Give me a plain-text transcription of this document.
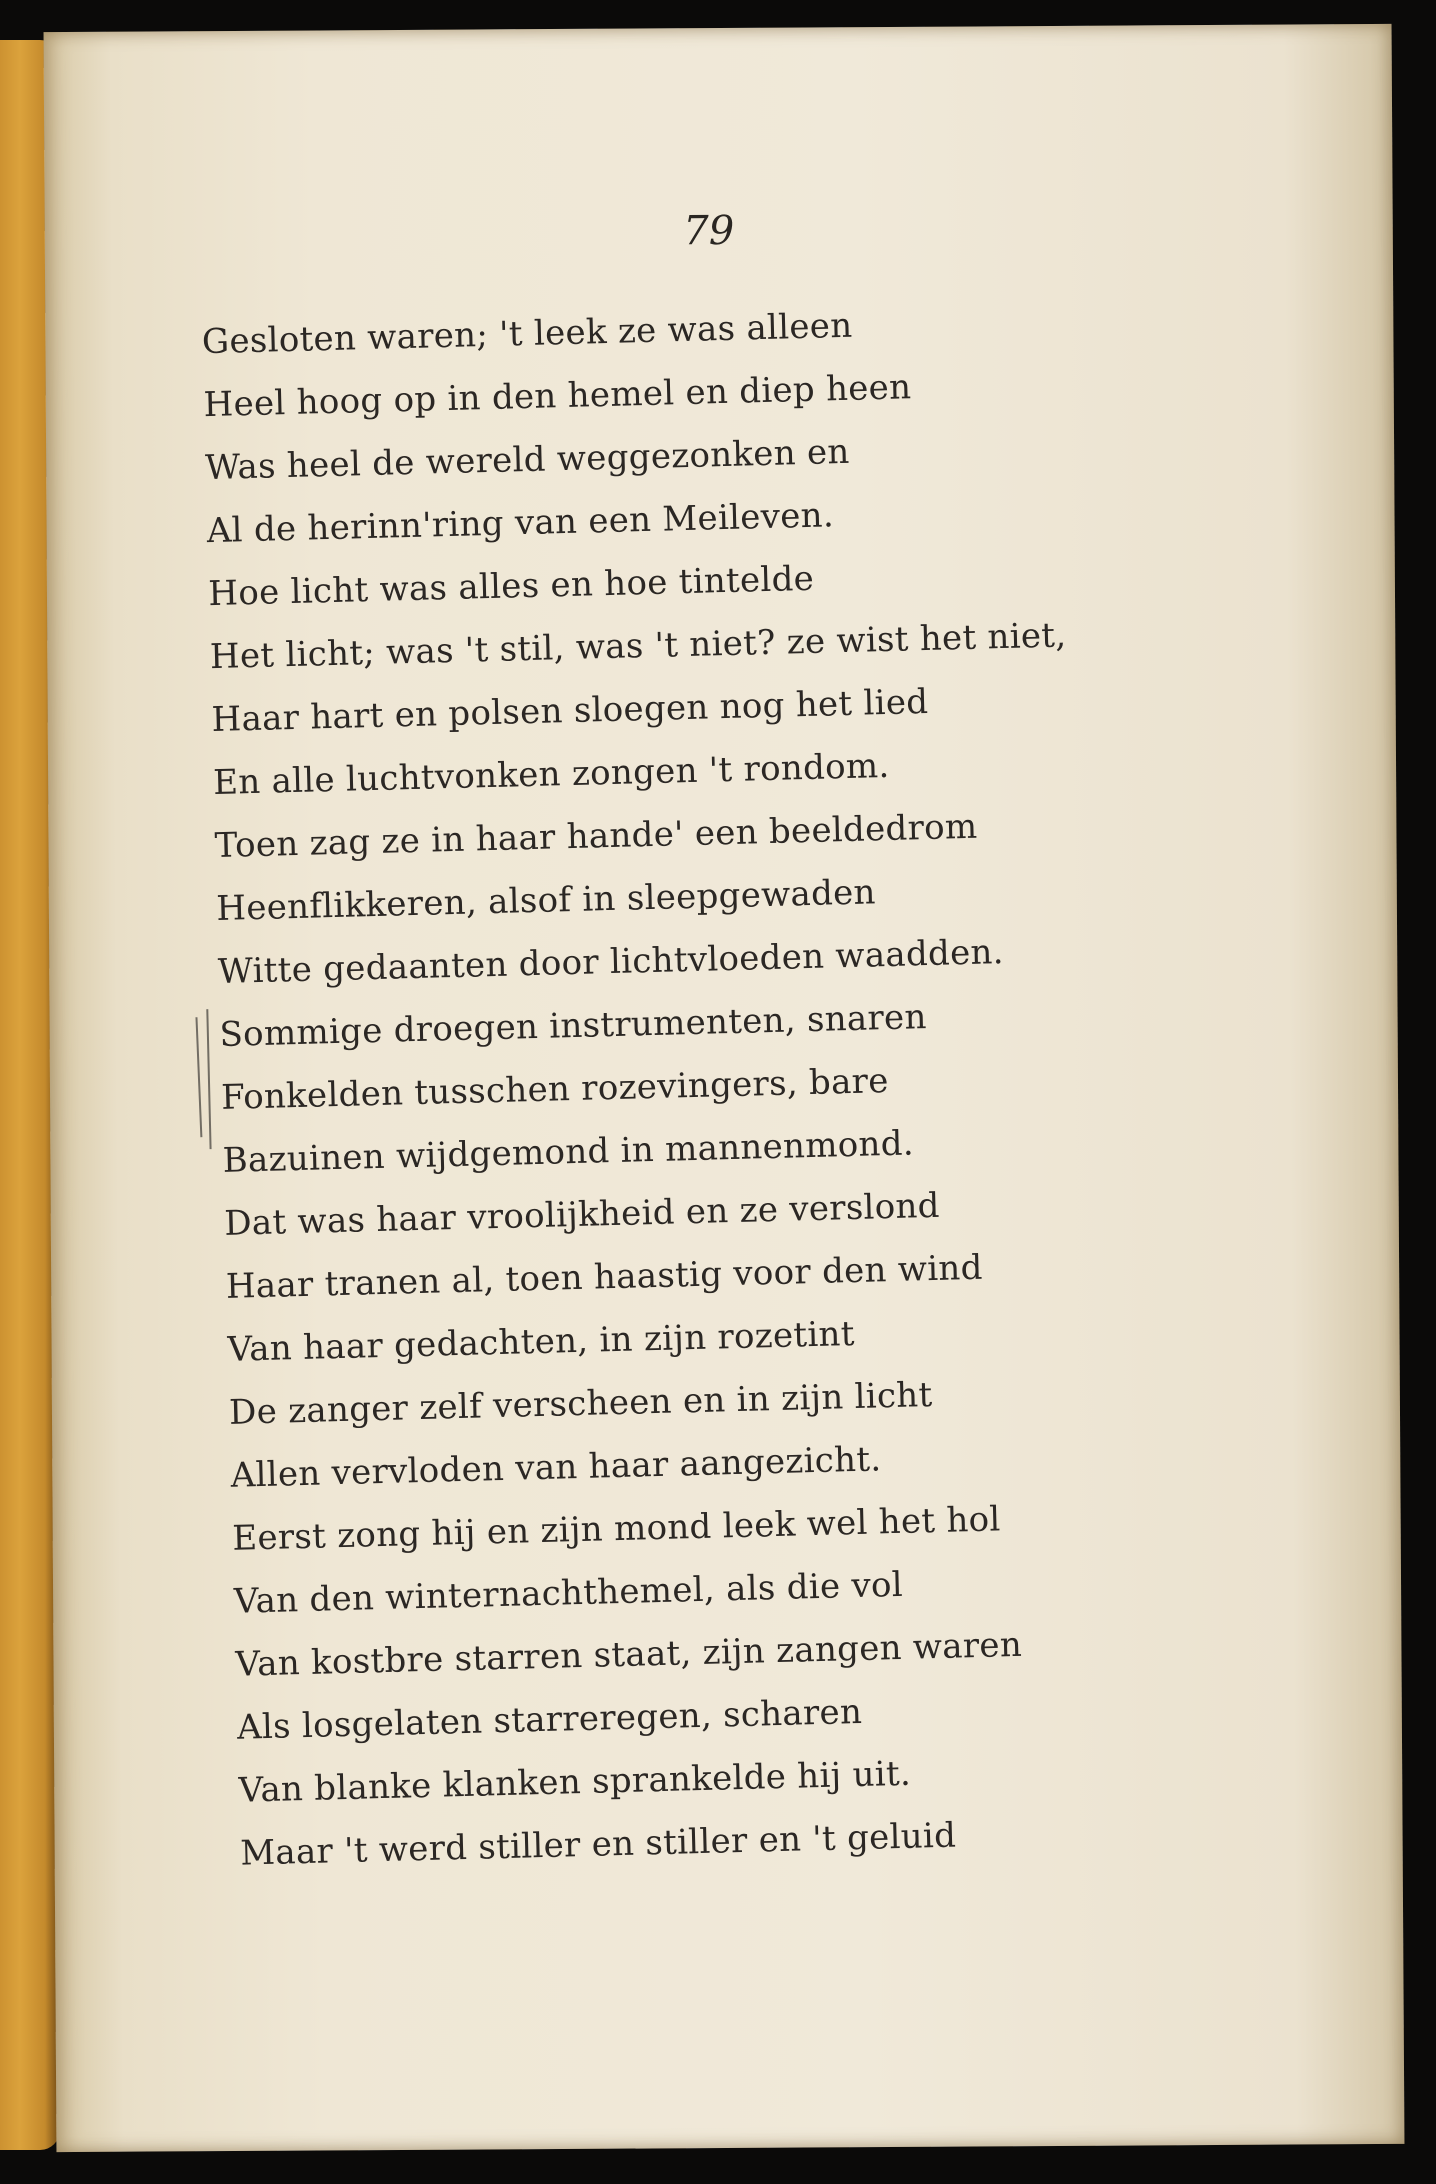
79
Gesloten waren; 't leek ze was alleen
Heel hoog op in den hemel en diep heen
Was heel de wereld weggezonken en
Al de herinn'ring van een Meileven.
Hoe licht was alles en hoe tintelde
Het licht; was 't stil, was 't niet? ze wist het niet,
Haar hart en polsen sloegen nog het lied
En alle luchtvonken zongen 't rondom.
Toen zag ze in haar hande' een beeldedrom
Heenflikkeren, alsof in sleepgewaden
Witte gedaanten door lichtvloeden waadden.
Sommige droegen instrumenten, snaren
Fonkelden tusschen rozevingers, bare
Bazuinen wijdgemond in mannenmond.
Dat was haar vroolijkheid en ze verslond
Haar tranen al, toen haastig voor den wind
Van haar gedachten, in zijn rozetint
De zanger zelf verscheen en in zijn licht
Allen vervloden van haar aangezicht.
Eerst zong hij en zijn mond leek wel het hol
Van den winternachthemel, als die vol
Van kostbre starren staat, zijn zangen waren
Als losgelaten starreregen, scharen
Van blanke klanken sprankelde hij uit.
Maar 't werd stiller en stiller en 't geluid
